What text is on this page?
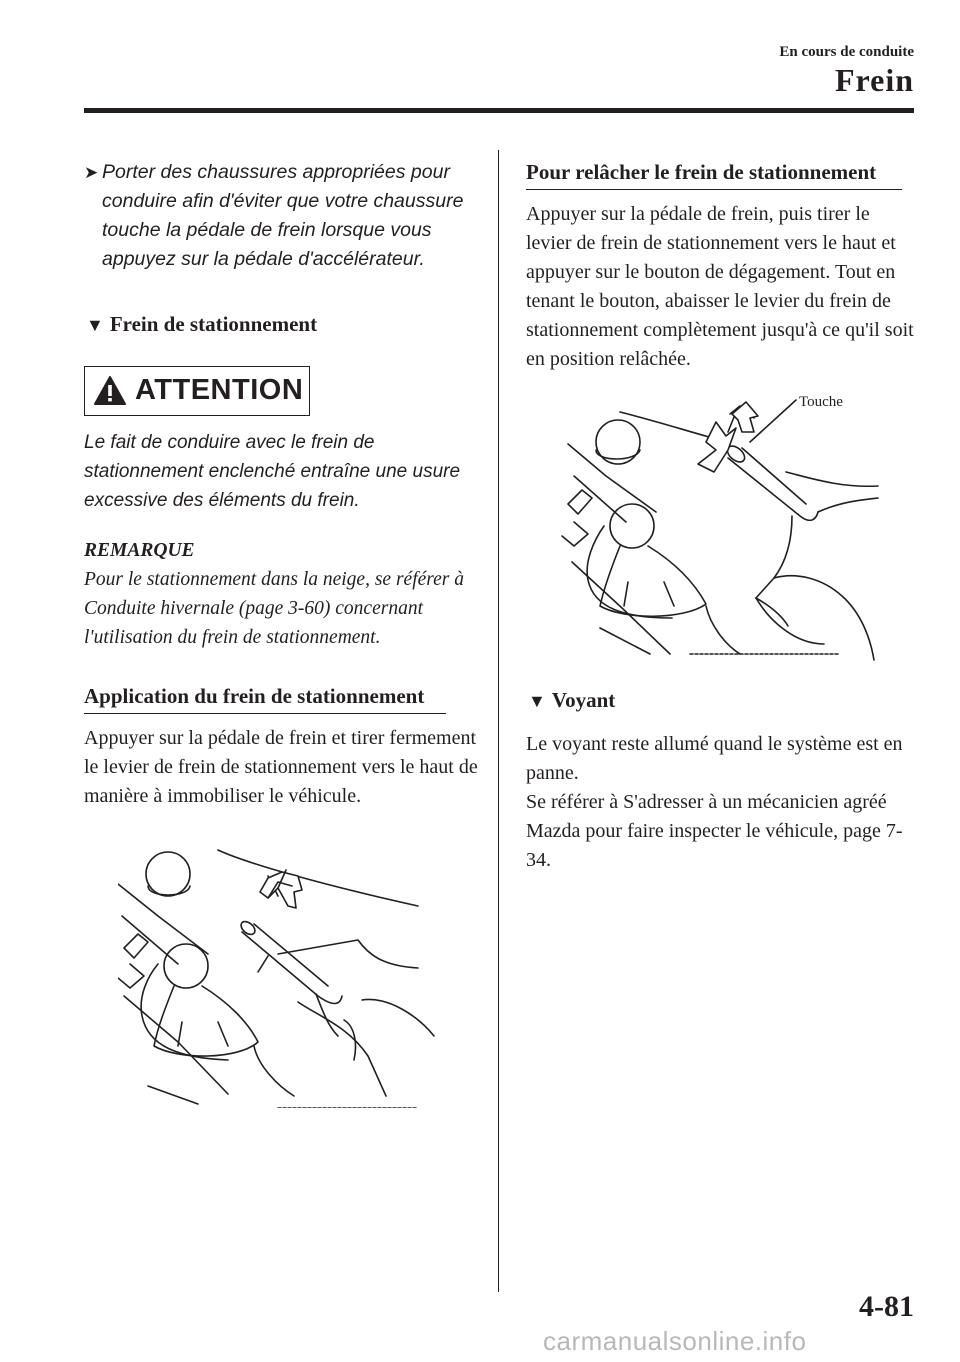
En cours de conduite
Frein
➤ Porter des chaussures appropriées pour conduire afin d'éviter que votre chaussure touche la pédale de frein lorsque vous appuyez sur la pédale d'accélérateur.
▼ Frein de stationnement
ATTENTION
Le fait de conduire avec le frein de stationnement enclenché entraîne une usure excessive des éléments du frein.
REMARQUE
Pour le stationnement dans la neige, se référer à Conduite hivernale (page 3-60) concernant l'utilisation du frein de stationnement.
Application du frein de stationnement
Appuyer sur la pédale de frein et tirer fermement le levier de frein de stationnement vers le haut de manière à immobiliser le véhicule.
Pour relâcher le frein de stationnement
Appuyer sur la pédale de frein, puis tirer le levier de frein de stationnement vers le haut et appuyer sur le bouton de dégagement. Tout en tenant le bouton, abaisser le levier du frein de stationnement complètement jusqu'à ce qu'il soit en position relâchée.
Touche
▼ Voyant
Le voyant reste allumé quand le système est en panne.
Se référer à S'adresser à un mécanicien agréé Mazda pour faire inspecter le véhicule, page 7-34.
4-81
carmanualsonline.info
